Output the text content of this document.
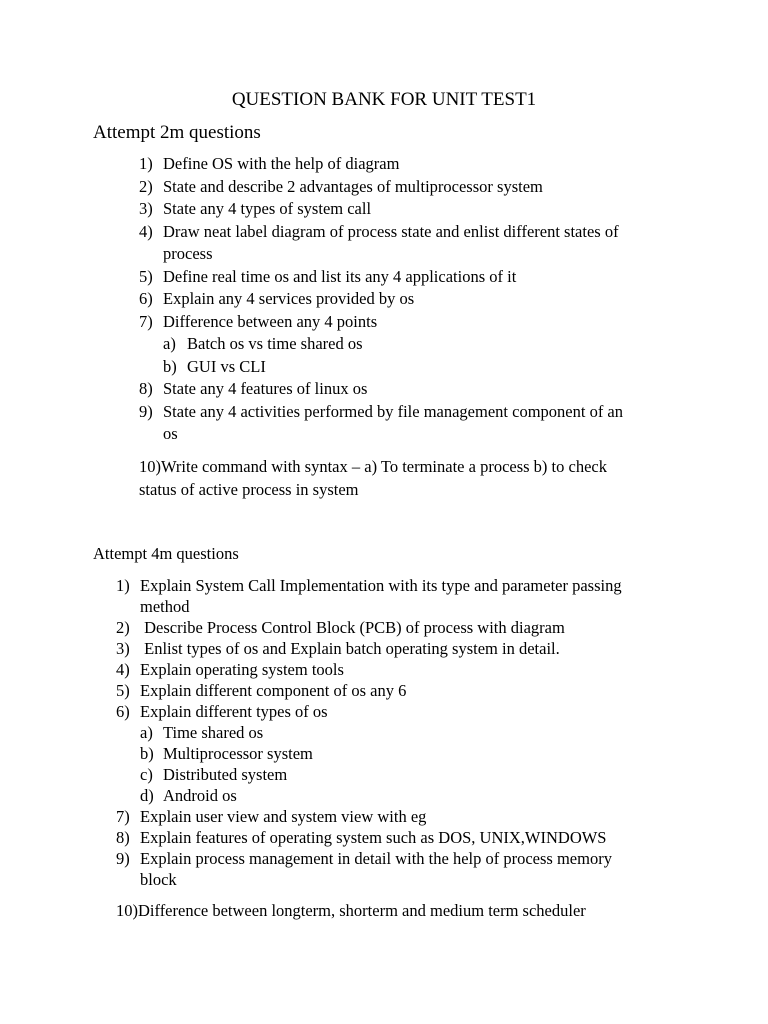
QUESTION BANK FOR UNIT TEST1
Attempt 2m questions
1) Define OS with the help of diagram
2) State and describe 2 advantages of multiprocessor system
3) State any 4 types of system call
4) Draw neat label diagram of process state and enlist different states of
process
5) Define real time os and list its any 4 applications of it
6) Explain any 4 services provided by os
7) Difference between any 4 points
a) Batch os vs time shared os
b) GUI vs CLI
8) State any 4 features of linux os
9) State any 4 activities performed by file management component of an
os
10)Write command with syntax – a) To terminate a process b) to check
status of active process in system
Attempt 4m questions
1) Explain System Call Implementation with its type and parameter passing
method
2) Describe Process Control Block (PCB) of process with diagram
3) Enlist types of os and Explain batch operating system in detail.
4) Explain operating system tools
5) Explain different component of os any 6
6) Explain different types of os
a) Time shared os
b) Multiprocessor system
c) Distributed system
d) Android os
7) Explain user view and system view with eg
8) Explain features of operating system such as DOS, UNIX,WINDOWS
9) Explain process management in detail with the help of process memory
block
10)Difference between longterm, shorterm and medium term scheduler
